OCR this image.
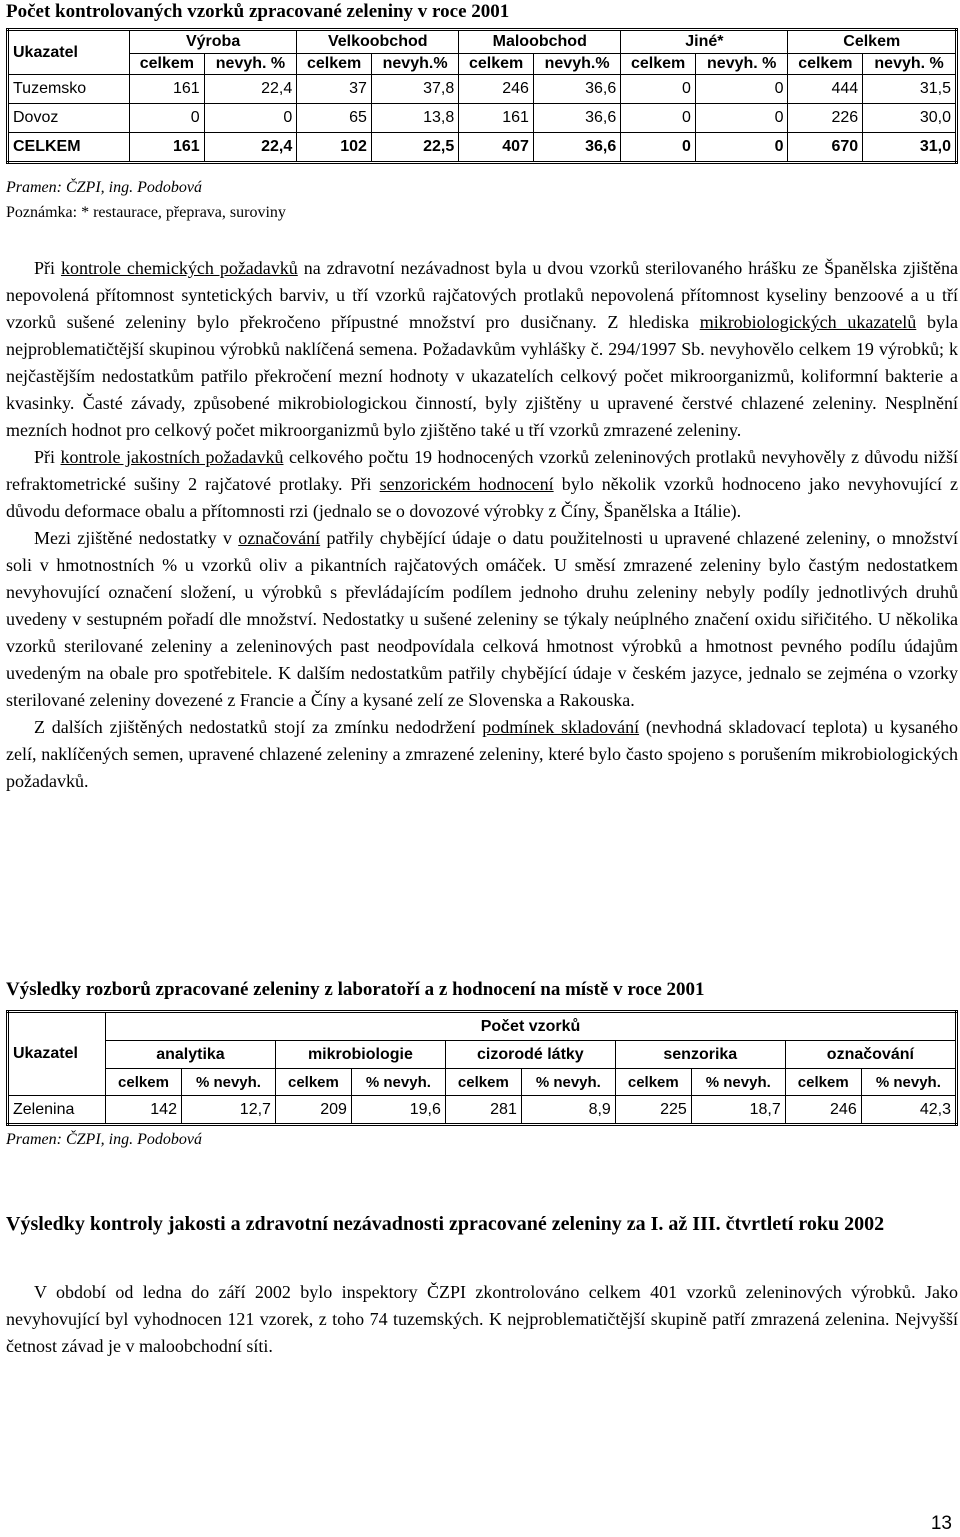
Počet kontrolovaných vzorků zpracované zeleniny v roce 2001
Ukazatel	Výroba		Velkoobchod		Maloobchod		Jiné*		Celkem	
	celkem	nevyh. %	celkem	nevyh.%	celkem	nevyh.%	celkem	nevyh. %	celkem	nevyh. %
Tuzemsko	161	22,4	37	37,8	246	36,6	0	0	444	31,5
Dovoz	0	0	65	13,8	161	36,6	0	0	226	30,0
CELKEM	161	22,4	102	22,5	407	36,6	0	0	670	31,0
Pramen: ČZPI, ing. Podobová
Poznámka: * restaurace, přeprava, suroviny

Při kontrole chemických požadavků na zdravotní nezávadnost byla u dvou vzorků sterilovaného hrášku ze Španělska zjištěna nepovolená přítomnost syntetických barviv, u tří vzorků rajčatových protlaků nepovolená přítomnost kyseliny benzoové a u tří vzorků sušené zeleniny bylo překročeno přípustné množství pro dusičnany. Z hlediska mikrobiologických ukazatelů byla nejproblematičtější skupinou výrobků naklíčená semena. Požadavkům vyhlášky č. 294/1997 Sb. nevyhovělo celkem 19 výrobků; k nejčastějším nedostatkům patřilo překročení mezní hodnoty v ukazatelích celkový počet mikroorganizmů, koliformní bakterie a kvasinky. Časté závady, způsobené mikrobiologickou činností, byly zjištěny u upravené čerstvé chlazené zeleniny. Nesplnění mezních hodnot pro celkový počet mikroorganizmů bylo zjištěno také u tří vzorků zmrazené zeleniny.

Při kontrole jakostních požadavků celkového počtu 19 hodnocených vzorků zeleninových protlaků nevyhověly z důvodu nižší refraktometrické sušiny 2 rajčatové protlaky. Při senzorickém hodnocení bylo několik vzorků hodnoceno jako nevyhovující z důvodu deformace obalu a přítomnosti rzi (jednalo se o dovozové výrobky z Číny, Španělska a Itálie).

Mezi zjištěné nedostatky v označování patřily chybějící údaje o datu použitelnosti u upravené chlazené zeleniny, o množství soli v hmotnostních % u vzorků oliv a pikantních rajčatových omáček. U směsí zmrazené zeleniny bylo častým nedostatkem nevyhovující označení složení, u výrobků s převládajícím podílem jednoho druhu zeleniny nebyly podíly jednotlivých druhů uvedeny v sestupném pořadí dle množství. Nedostatky u sušené zeleniny se týkaly neúplného značení oxidu siřičitého. U několika vzorků sterilované zeleniny a zeleninových past neodpovídala celková hmotnost výrobků a hmotnost pevného podílu údajům uvedeným na obale pro spotřebitele. K dalším nedostatkům patřily chybějící údaje v českém jazyce, jednalo se zejména o vzorky sterilované zeleniny dovezené z Francie a Číny a kysané zelí ze Slovenska a Rakouska.

Z dalších zjištěných nedostatků stojí za zmínku nedodržení podmínek skladování (nevhodná skladovací teplota) u kysaného zelí, naklíčených semen, upravené chlazené zeleniny a zmrazené zeleniny, které bylo často spojeno s porušením mikrobiologických požadavků.

Výsledky rozborů zpracované zeleniny z laboratoří a z hodnocení na místě v roce 2001
Ukazatel	Počet vzorků									
	analytika		mikrobiologie		cizorodé látky		senzorika		označování	
	celkem	% nevyh.	celkem	% nevyh.	celkem	% nevyh.	celkem	% nevyh.	celkem	% nevyh.
Zelenina	142	12,7	209	19,6	281	8,9	225	18,7	246	42,3
Pramen: ČZPI, ing. Podobová
Výsledky kontroly jakosti a zdravotní nezávadnosti zpracované zeleniny za I. až III. čtvrtletí roku 2002

V období od ledna do září 2002 bylo inspektory ČZPI zkontrolováno celkem 401 vzorků zeleninových výrobků. Jako nevyhovující byl vyhodnocen 121 vzorek, z toho 74 tuzemských. K nejproblematičtější skupině patří zmrazená zelenina. Nejvyšší četnost závad je v maloobchodní síti.

13
